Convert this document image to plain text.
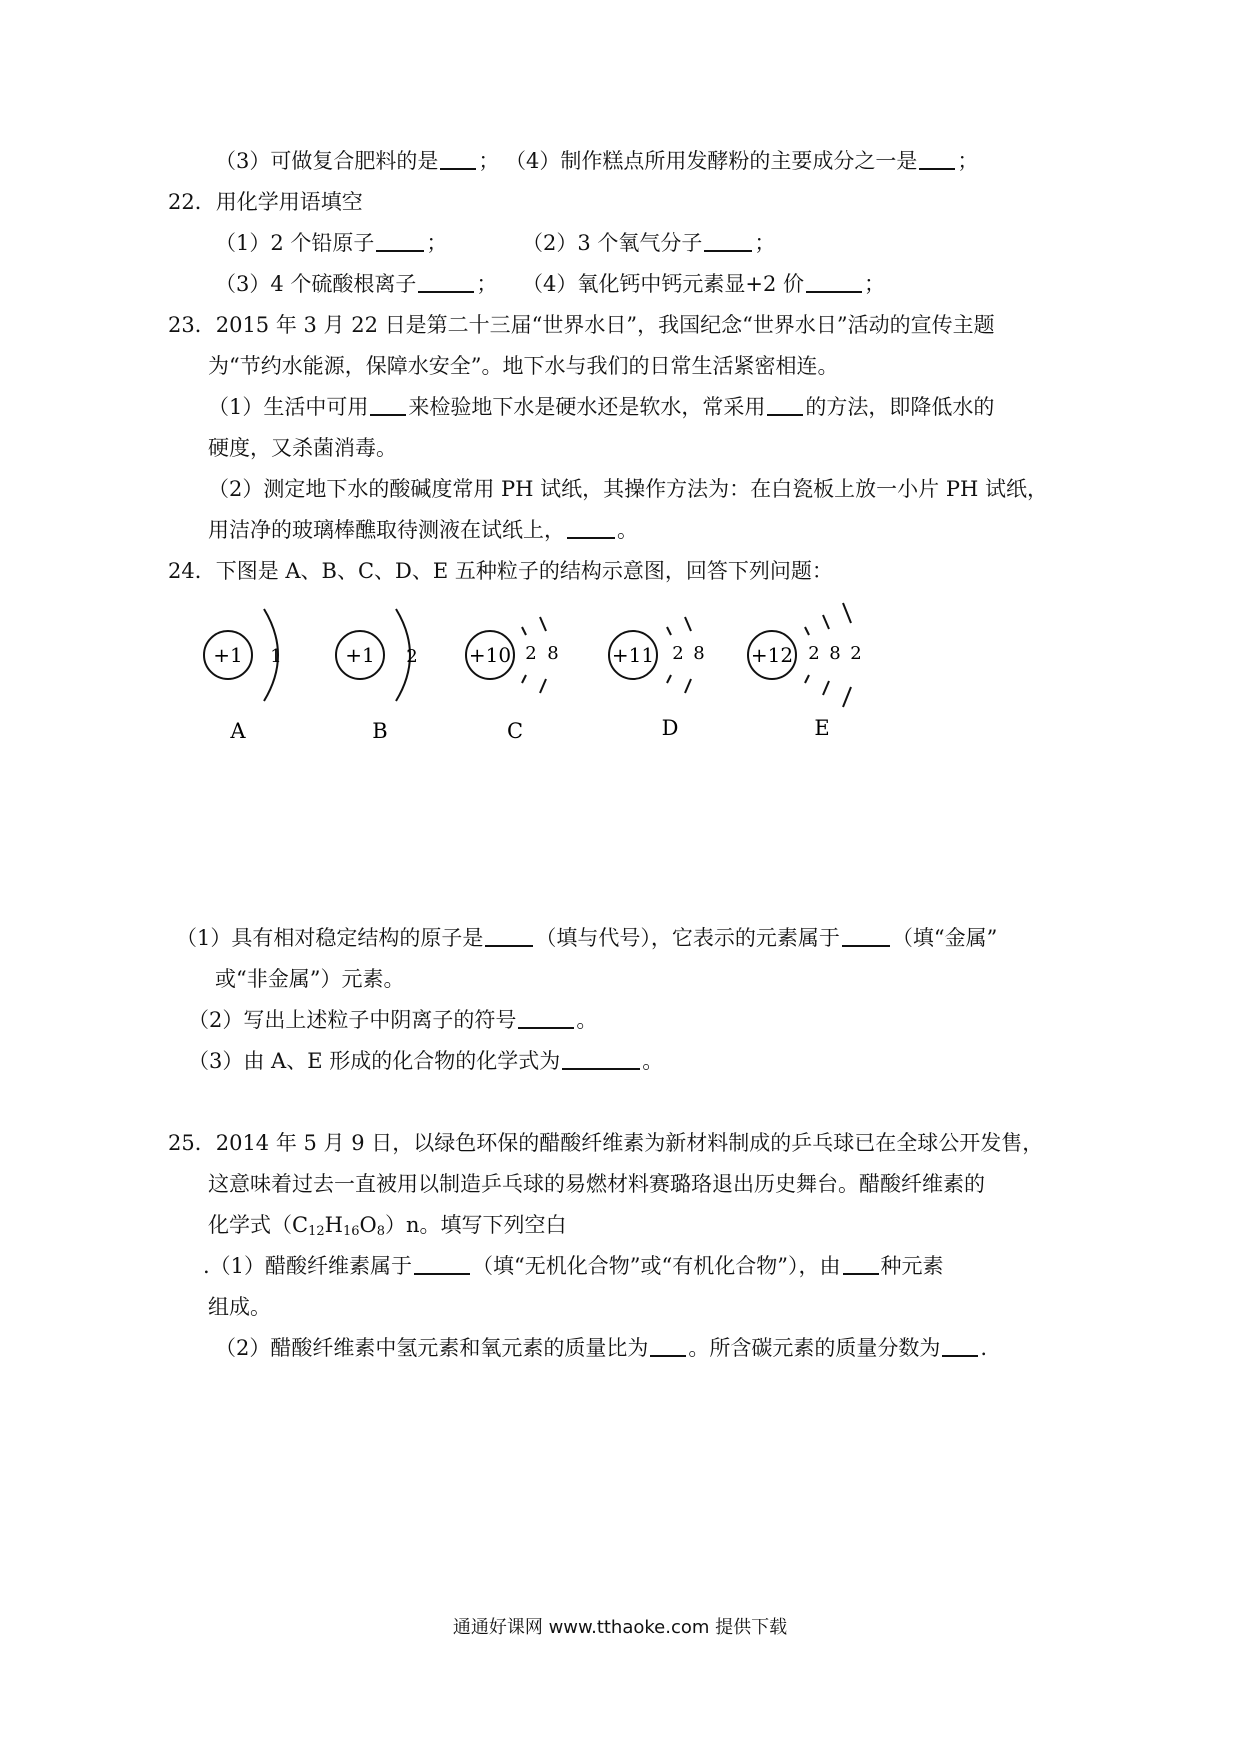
（3）可做复合肥料的是 ； （4）制作糕点所用发酵粉的主要成分之一是 ；
22．用化学用语填空
（1）2 个铅原子 ；	（2）3 个氧气分子 ；
（3）4 个硫酸根离子	； （4）氧化钙中钙元素显+2 价	；
23．2015 年 3 月 22 日是第二十三届“世界水日”，我国纪念“世界水日”活动的宣传主题
为“节约水能源，保障水安全”。地下水与我们的日常生活紧密相连。
（1）生活中可用 来检验地下水是硬水还是软水，常采用 的方法，即降低水的
硬度，又杀菌消毒。
（2）测定地下水的酸碱度常用 PH 试纸，其操作方法为：在白瓷板上放一小片 PH 试纸，
用洁净的玻璃棒醮取待测液在试纸上， 。
24．下图是 A、B、C、D、E 五种粒子的结构示意图，回答下列问题：
+1 1
A
+1 2
B
+10 2 8
C
+11 2 8
D
+12 2 8 2
E
（1）具有相对稳定结构的原子是 （填与代号），它表示的元素属于 （填“金属”
或“非金属”）元素。
（2）写出上述粒子中阴离子的符号	。
（3）由 A、E 形成的化合物的化学式为	。
25．2014 年 5 月 9 日，以绿色环保的醋酸纤维素为新材料制成的乒乓球已在全球公开发售，
这意味着过去一直被用以制造乒乓球的易燃材料赛璐珞退出历史舞台。醋酸纤维素的
化学式$(C_{12}H_{16}O_8)n$。填写下列空白
.（1）醋酸纤维素属于	（填“无机化合物”或“有机化合物”），由 种元素
组成。
（2）醋酸纤维素中氢元素和氧元素的质量比为 。所含碳元素的质量分数为 .
通通好课网 www.tthaoke.com 提供下载
